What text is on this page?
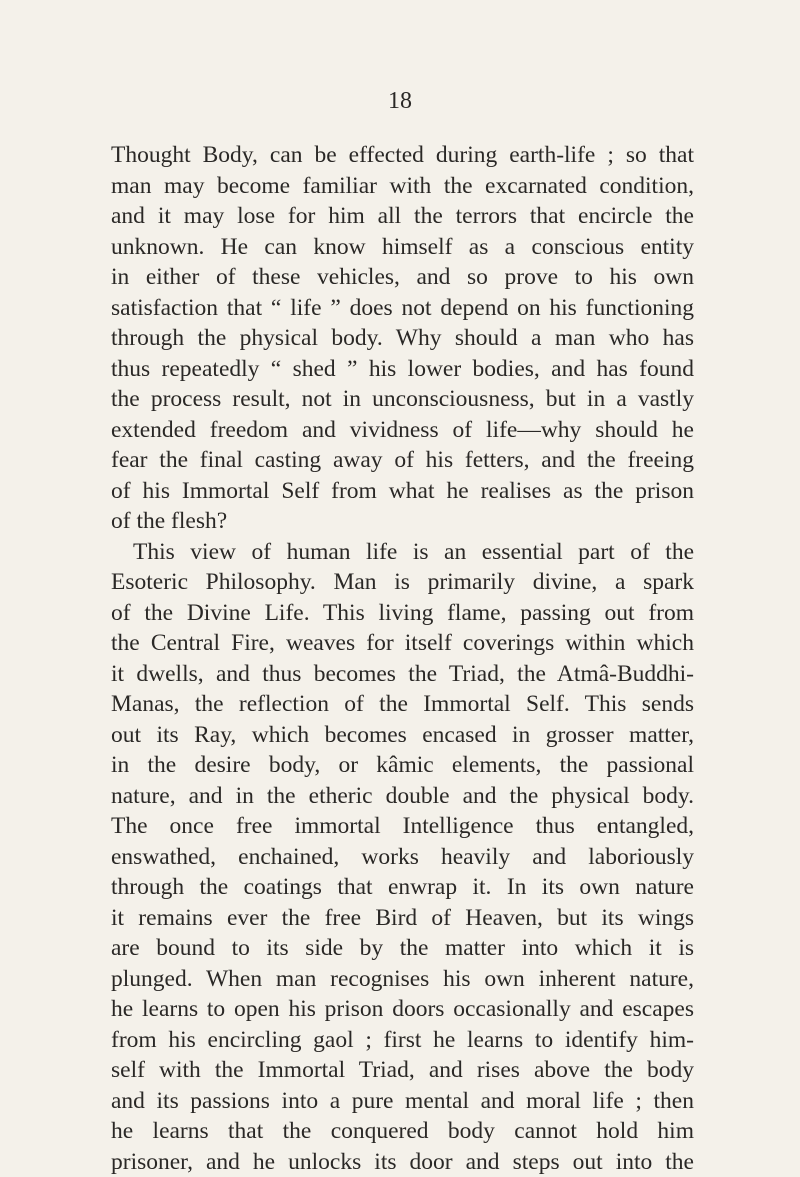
18
Thought Body, can be effected during earth-life ; so that
man may become familiar with the excarnated condition,
and it may lose for him all the terrors that encircle the
unknown. He can know himself as a conscious entity
in either of these vehicles, and so prove to his own
satisfaction that “ life ” does not depend on his functioning
through the physical body. Why should a man who has
thus repeatedly “ shed ” his lower bodies, and has found
the process result, not in unconsciousness, but in a vastly
extended freedom and vividness of life—why should he
fear the final casting away of his fetters, and the freeing
of his Immortal Self from what he realises as the prison
of the flesh?
This view of human life is an essential part of the
Esoteric Philosophy. Man is primarily divine, a spark
of the Divine Life. This living flame, passing out from
the Central Fire, weaves for itself coverings within which
it dwells, and thus becomes the Triad, the Atmâ-Buddhi-
Manas, the reflection of the Immortal Self. This sends
out its Ray, which becomes encased in grosser matter,
in the desire body, or kâmic elements, the passional
nature, and in the etheric double and the physical body.
The once free immortal Intelligence thus entangled,
enswathed, enchained, works heavily and laboriously
through the coatings that enwrap it. In its own nature
it remains ever the free Bird of Heaven, but its wings
are bound to its side by the matter into which it is
plunged. When man recognises his own inherent nature,
he learns to open his prison doors occasionally and escapes
from his encircling gaol ; first he learns to identify him-
self with the Immortal Triad, and rises above the body
and its passions into a pure mental and moral life ; then
he learns that the conquered body cannot hold him
prisoner, and he unlocks its door and steps out into the
